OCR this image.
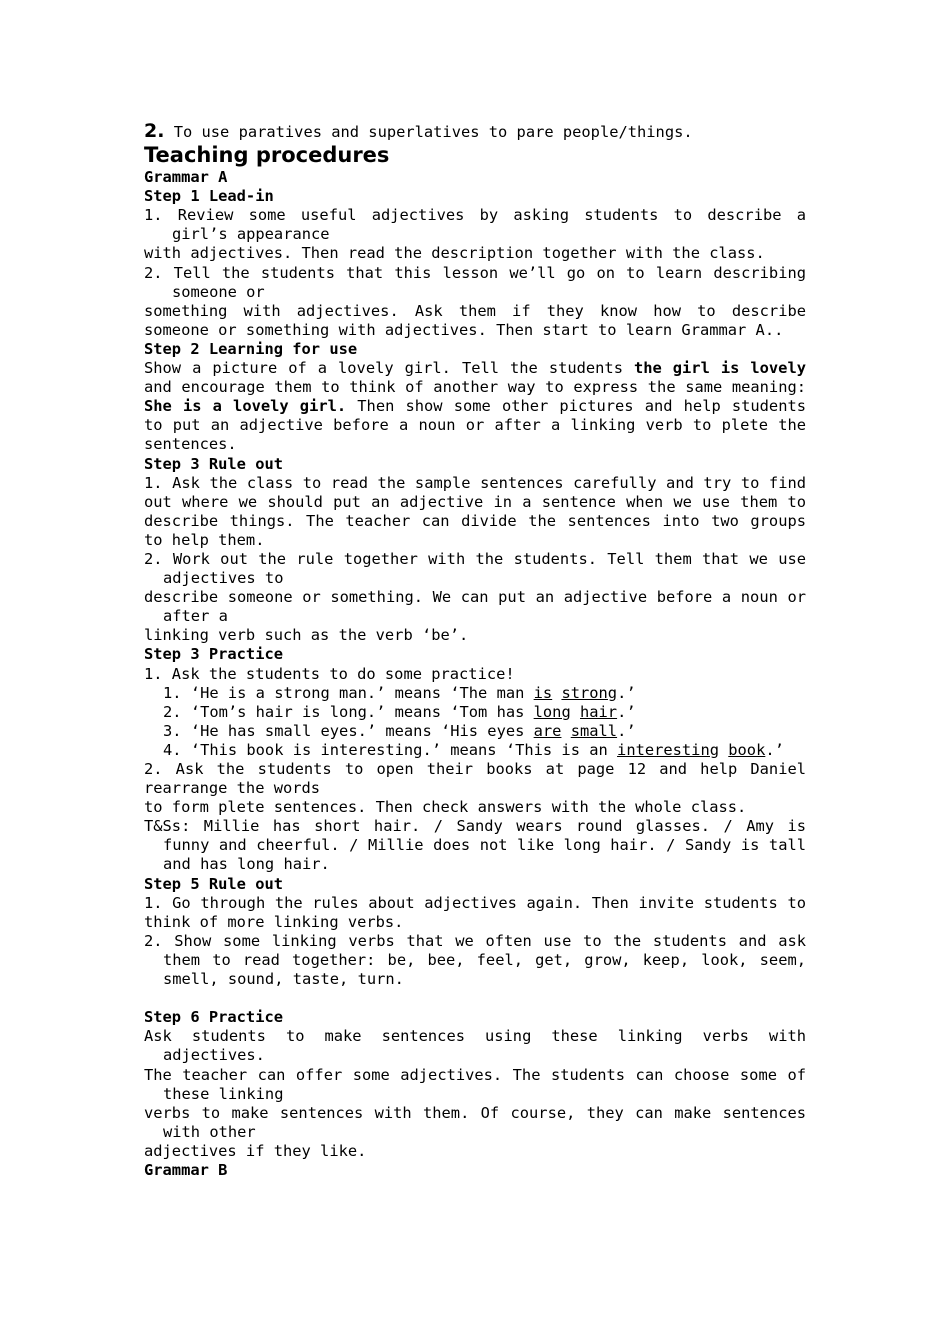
2. To use paratives and superlatives to pare people/things.

Teaching procedures

Grammar A

Step 1 Lead-in

1. Review some useful adjectives by asking students to describe a girl’s appearance

with adjectives. Then read the description together with the class.

2. Tell the students that this lesson we’ll go on to learn describing someone or

something with adjectives. Ask them if they know how to describe someone or something with adjectives. Then start to learn Grammar A..

Step 2 Learning for use

Show a picture of a lovely girl. Tell the students the girl is lovely and encourage them to think of another way to express the same meaning: She is a lovely girl. Then show some other pictures and help students to put an adjective before a noun or after a linking verb to plete the sentences.

Step 3 Rule out

1. Ask the class to read the sample sentences carefully and try to find out where we should put an adjective in a sentence when we use them to describe things. The teacher can divide the sentences into two groups to help them.

2. Work out the rule together with the students. Tell them that we use adjectives to

describe someone or something. We can put an adjective before a noun or after a

linking verb such as the verb ‘be’.

Step 3 Practice

1. Ask the students to do some practice!

1. ‘He is a strong man.’ means ‘The man is strong.’

2. ‘Tom’s hair is long.’ means ‘Tom has long hair.’

3. ‘He has small eyes.’ means ‘His eyes are small.’

4. ‘This book is interesting.’ means ‘This is an interesting book.’

2. Ask the students to open their books at page 12 and help Daniel rearrange the words

to form plete sentences. Then check answers with the whole class.

T&Ss: Millie has short hair. / Sandy wears round glasses. / Amy is funny and cheerful. / Millie does not like long hair. / Sandy is tall and has long hair.

Step 5 Rule out

1. Go through the rules about adjectives again. Then invite students to think of more linking verbs.

2. Show some linking verbs that we often use to the students and ask them to read together: be, bee, feel, get, grow, keep, look, seem, smell, sound, taste, turn.

Step 6 Practice

Ask students to make sentences using these linking verbs with adjectives.

The teacher can offer some adjectives. The students can choose some of these linking

verbs to make sentences with them. Of course, they can make sentences with other

adjectives if they like.

Grammar B
